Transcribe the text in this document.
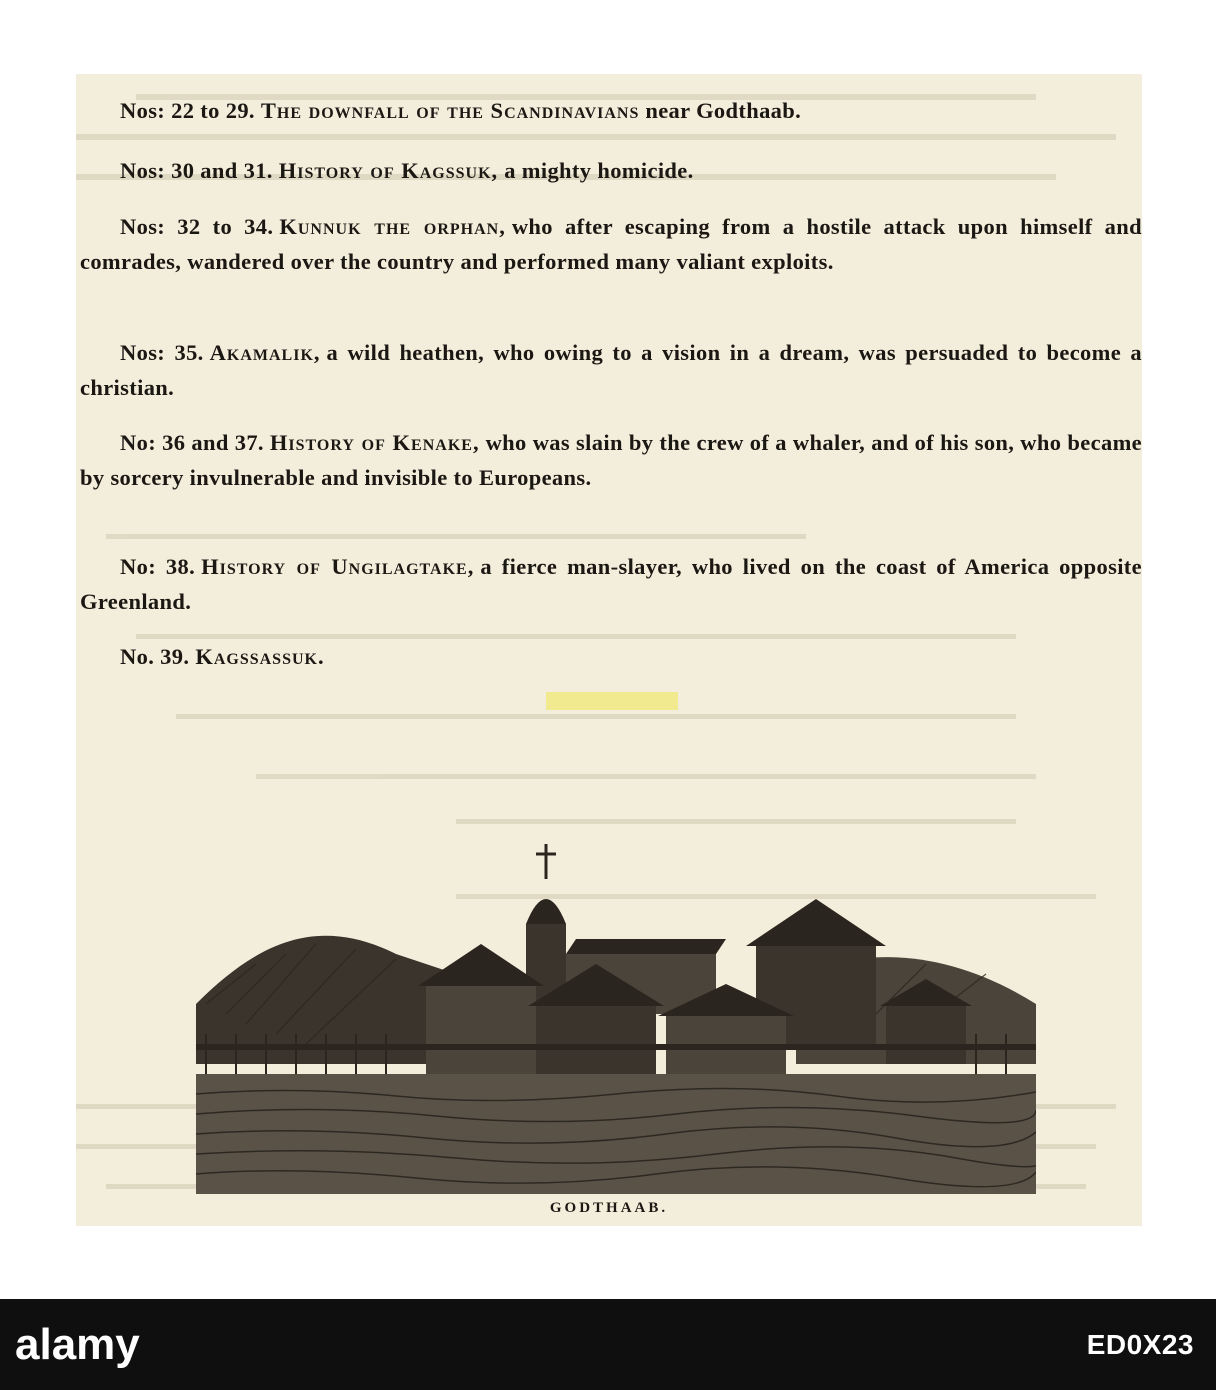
Nos: 22 to 29. The downfall of the Scandinavians near Godthaab.

Nos: 30 and 31. History of Kagssuk, a mighty homicide.

Nos: 32 to 34. Kunnuk the orphan, who after escaping from a hostile attack upon himself and comrades, wandered over the country and performed many valiant exploits.

Nos: 35. Akamalik, a wild heathen, who owing to a vision in a dream, was persuaded to become a christian.

No: 36 and 37. History of Kenake, who was slain by the crew of a whaler, and of his son, who became by sorcery invulnerable and invisible to Europeans.

No: 38. History of Ungilagtake, a fierce man-slayer, who lived on the coast of America opposite Greenland.

No. 39. Kagssassuk.

GODTHAAB.
alamy	ED0X23
